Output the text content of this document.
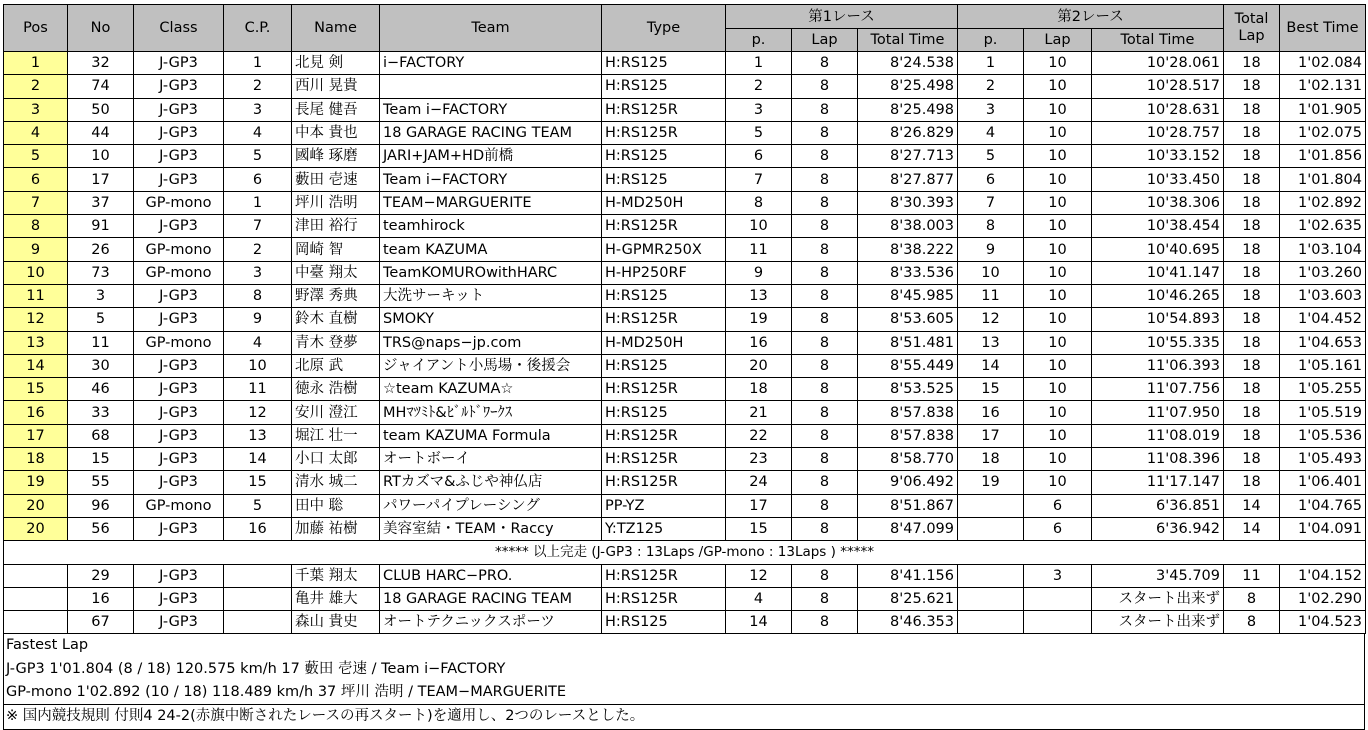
Pos	No	Class	C.P.	Name	Team	Type	第1レース			第2レース			Total Lap	Best Time
							p.	Lap	Total Time	p.	Lap	Total Time		
1	32	J-GP3	1	北見 剣	i−FACTORY	H:RS125	1	8	8'24.538	1	10	10'28.061	18	1'02.084
2	74	J-GP3	2	西川 晃貴		H:RS125	2	8	8'25.498	2	10	10'28.517	18	1'02.131
3	50	J-GP3	3	長尾 健吾	Team i−FACTORY	H:RS125R	3	8	8'25.498	3	10	10'28.631	18	1'01.905
4	44	J-GP3	4	中本 貴也	18 GARAGE RACING TEAM	H:RS125R	5	8	8'26.829	4	10	10'28.757	18	1'02.075
5	10	J-GP3	5	國峰 琢磨	JARI+JAM+HD前橋	H:RS125	6	8	8'27.713	5	10	10'33.152	18	1'01.856
6	17	J-GP3	6	藪田 壱速	Team i−FACTORY	H:RS125	7	8	8'27.877	6	10	10'33.450	18	1'01.804
7	37	GP-mono	1	坪川 浩明	TEAM−MARGUERITE	H-MD250H	8	8	8'30.393	7	10	10'38.306	18	1'02.892
8	91	J-GP3	7	津田 裕行	teamhirock	H:RS125R	10	8	8'38.003	8	10	10'38.454	18	1'02.635
9	26	GP-mono	2	岡崎 智	team KAZUMA	H-GPMR250X	11	8	8'38.222	9	10	10'40.695	18	1'03.104
10	73	GP-mono	3	中臺 翔太	TeamKOMUROwithHARC	H-HP250RF	9	8	8'33.536	10	10	10'41.147	18	1'03.260
11	3	J-GP3	8	野澤 秀典	大洗サーキット	H:RS125	13	8	8'45.985	11	10	10'46.265	18	1'03.603
12	5	J-GP3	9	鈴木 直樹	SMOKY	H:RS125R	19	8	8'53.605	12	10	10'54.893	18	1'04.452
13	11	GP-mono	4	青木 登夢	TRS@naps−jp.com	H-MD250H	16	8	8'51.481	13	10	10'55.335	18	1'04.653
14	30	J-GP3	10	北原 武	ジャイアント小馬場・後援会	H:RS125	20	8	8'55.449	14	10	11'06.393	18	1'05.161
15	46	J-GP3	11	徳永 浩樹	☆team KAZUMA☆	H:RS125R	18	8	8'53.525	15	10	11'07.756	18	1'05.255
16	33	J-GP3	12	安川 澄江	MHﾏﾂﾐﾄ&ﾋﾞﾙﾄﾞﾜｰｸｽ	H:RS125	21	8	8'57.838	16	10	11'07.950	18	1'05.519
17	68	J-GP3	13	堀江 壮一	team KAZUMA Formula	H:RS125R	22	8	8'57.838	17	10	11'08.019	18	1'05.536
18	15	J-GP3	14	小口 太郎	オートボーイ	H:RS125R	23	8	8'58.770	18	10	11'08.396	18	1'05.493
19	55	J-GP3	15	清水 城二	RTカズマ&ふじや神仏店	H:RS125R	24	8	9'06.492	19	10	11'17.147	18	1'06.401
20	96	GP-mono	5	田中 聡	パワーパイプレーシング	PP-YZ	17	8	8'51.867		6	6'36.851	14	1'04.765
20	56	J-GP3	16	加藤 祐樹	美容室結・TEAM・Raccy	Y:TZ125	15	8	8'47.099		6	6'36.942	14	1'04.091
***** 以上完走 (J-GP3 : 13Laps /GP-mono : 13Laps ) *****														
	29	J-GP3		千葉 翔太	CLUB HARC−PRO.	H:RS125R	12	8	8'41.156		3	3'45.709	11	1'04.152
	16	J-GP3		亀井 雄大	18 GARAGE RACING TEAM	H:RS125R	4	8	8'25.621			スタート出来ず	8	1'02.290
	67	J-GP3		森山 貴史	オートテクニックスポーツ	H:RS125	14	8	8'46.353			スタート出来ず	8	1'04.523
Fastest Lap
J-GP3 1'01.804 (8 / 18) 120.575 km/h 17 藪田 壱速 / Team i−FACTORY
GP-mono 1'02.892 (10 / 18) 118.489 km/h 37 坪川 浩明 / TEAM−MARGUERITE
※ 国内競技規則 付則4 24-2(赤旗中断されたレースの再スタート)を適用し、2つのレースとした。
